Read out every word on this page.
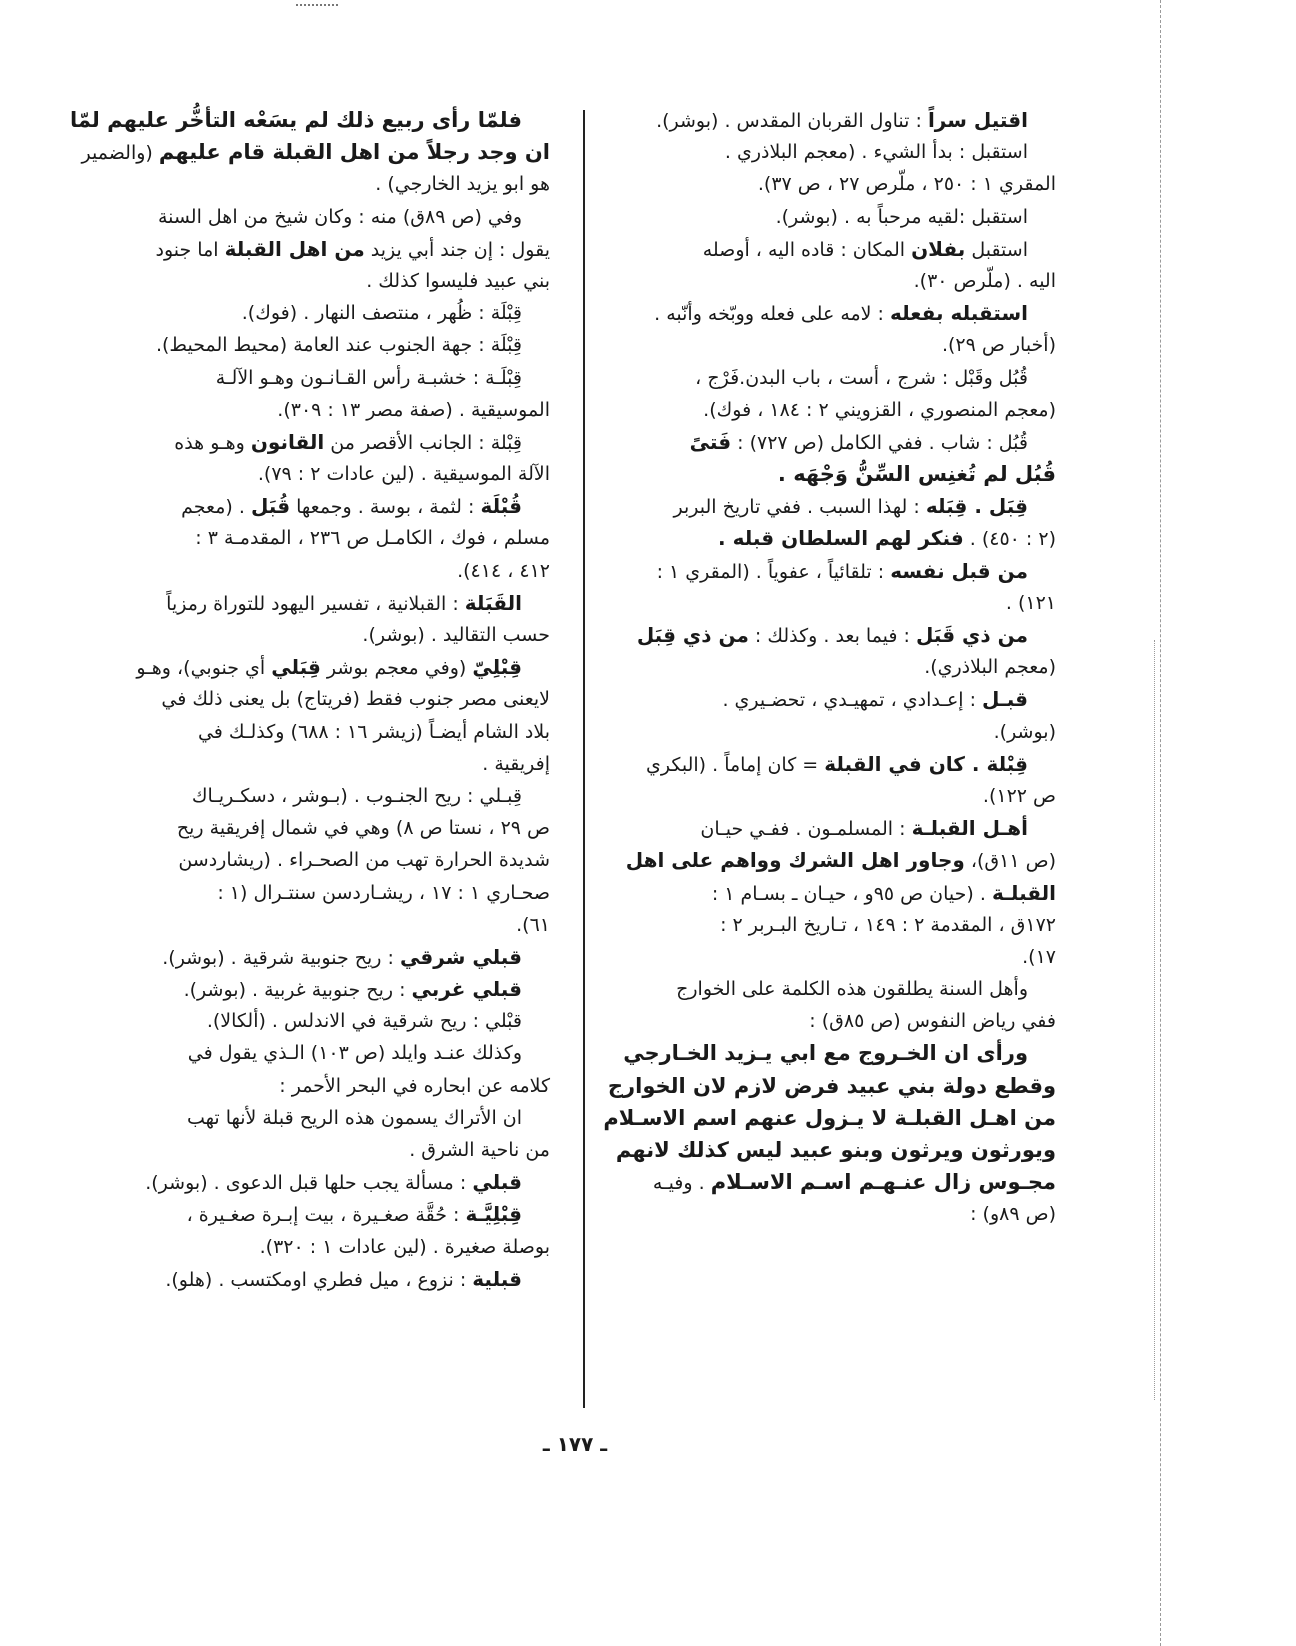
اقتيل سراً : تناول القربان المقدس . (بوشر).
استقبل : بدأ الشيء . (معجم البلاذري .
المقري ١ : ٢٥٠ ، ملّرص ٢٧ ، ص ٣٧).
استقبل :لقيه مرحباً به . (بوشر).
استقبل بفلان المكان : قاده اليه ، أوصله
اليه . (ملّرص ٣٠).
استقبله بفعله : لامه على فعله ووبّخه وأنّبه .
(أخبار ص ٢٩).
قُبُل وقَبْل : شرج ، أست ، باب البدن.فَرْج ،
(معجم المنصوري ، القزويني ٢ : ١٨٤ ، فوك).
قُبُل : شاب . ففي الكامل (ص ٧٢٧) : فَتىً
قُبُل لم تُغنِس السِّنُّ وَجْهَه .
قِبَل . قِبَله : لهذا السبب . ففي تاريخ البربر
(٢ : ٤٥٠) . فنكر لهم السلطان قبله .
من قبل نفسه : تلقائياً ، عفوياً . (المقري ١ :
١٢١) .
من ذي قَبَل : فيما بعد . وكذلك : من ذي قِبَل
(معجم البلاذري).
قبـل : إعـدادي ، تمهيـدي ، تحضـيري .
(بوشر).
قِبْلة . كان في القبلة = كان إماماً . (البكري
ص ١٢٢).
أهـل القبلـة : المسلمـون . ففـي حيـان
(ص ١١ق)، وجاور اهل الشرك وواهم على اهل
القبلـة . (حيان ص ٩٥و ، حيـان ـ بسـام ١ :
١٧٢ق ، المقدمة ٢ : ١٤٩ ، تـاريخ البـربر ٢ :
١٧).
وأهل السنة يطلقون هذه الكلمة على الخوارج
ففي رياض النفوس (ص ٨٥ق) :
ورأى ان الخـروج مع ابي يـزيد الخـارجي
وقطع دولة بني عبيد فرض لازم لان الخوارج
من اهـل القبلـة لا يـزول عنهم اسم الاسـلام
ويورثون ويرثون وبنو عبيد ليس كذلك لانهم
مجـوس زال عنـهـم اسـم الاسـلام . وفيـه
(ص ٨٩و) :
فلمّا رأى ربيع ذلك لم يسَعْه التأخُّر عليهم لمّا
ان وجد رجلاً من اهل القبلة قام عليهم (والضمير
هو ابو يزيد الخارجي) .
وفي (ص ٨٩ق) منه : وكان شيخ من اهل السنة
يقول : إن جند أبي يزيد من اهل القبلة اما جنود
بني عبيد فليسوا كذلك .
قِبْلَة : ظُهر ، منتصف النهار . (فوك).
قِبْلَة : جهة الجنوب عند العامة (محيط المحيط).
قِبْلَـة : خشبـة رأس القـانـون وهـو الآلـة
الموسيقية . (صفة مصر ١٣ : ٣٠٩).
قِبْلة : الجانب الأقصر من القانون وهـو هذه
الآلة الموسيقية . (لين عادات ٢ : ٧٩).
قُبْلَة : لثمة ، بوسة . وجمعها قُبَل . (معجم
مسلم ، فوك ، الكامـل ص ٢٣٦ ، المقدمـة ٣ :
٤١٢ ، ٤١٤).
القَبَلة : القبلانية ، تفسير اليهود للتوراة رمزياً
حسب التقاليد . (بوشر).
قِبْلِيّ (وفي معجم بوشر قِبَلي أي جنوبي)، وهـو
لايعنى مصر جنوب فقط (فريتاج) بل يعنى ذلك في
بلاد الشام أيضـاً (زيشر ١٦ : ٦٨٨) وكذلـك في
إفريقية .
قِبـلي : ريح الجنـوب . (بـوشر ، دسكـريـاك
ص ٢٩ ، نستا ص ٨) وهي في شمال إفريقية ريح
شديدة الحرارة تهب من الصحـراء . (ريشاردسن
صحـاري ١ : ١٧ ، ريشـاردسن سنتـرال (١ :
٦١).
قبلي شرقي : ريح جنوبية شرقية . (بوشر).
قبلي غربي : ريح جنوبية غربية . (بوشر).
قبْلي : ريح شرقية في الاندلس . (ألكالا).
وكذلك عنـد وايلد (ص ١٠٣) الـذي يقول في
كلامه عن ابحاره في البحر الأحمر :
ان الأتراك يسمون هذه الريح قبلة لأنها تهب
من ناحية الشرق .
قبلي : مسألة يجب حلها قبل الدعوى . (بوشر).
قِبْلِيَّـة : حُقَّة صغـيرة ، بيت إبـرة صغـيرة ،
بوصلة صغيرة . (لين عادات ١ : ٣٢٠).
قبلية : نزوع ، ميل فطري اومكتسب . (هلو).
ـ ١٧٧ ـ
